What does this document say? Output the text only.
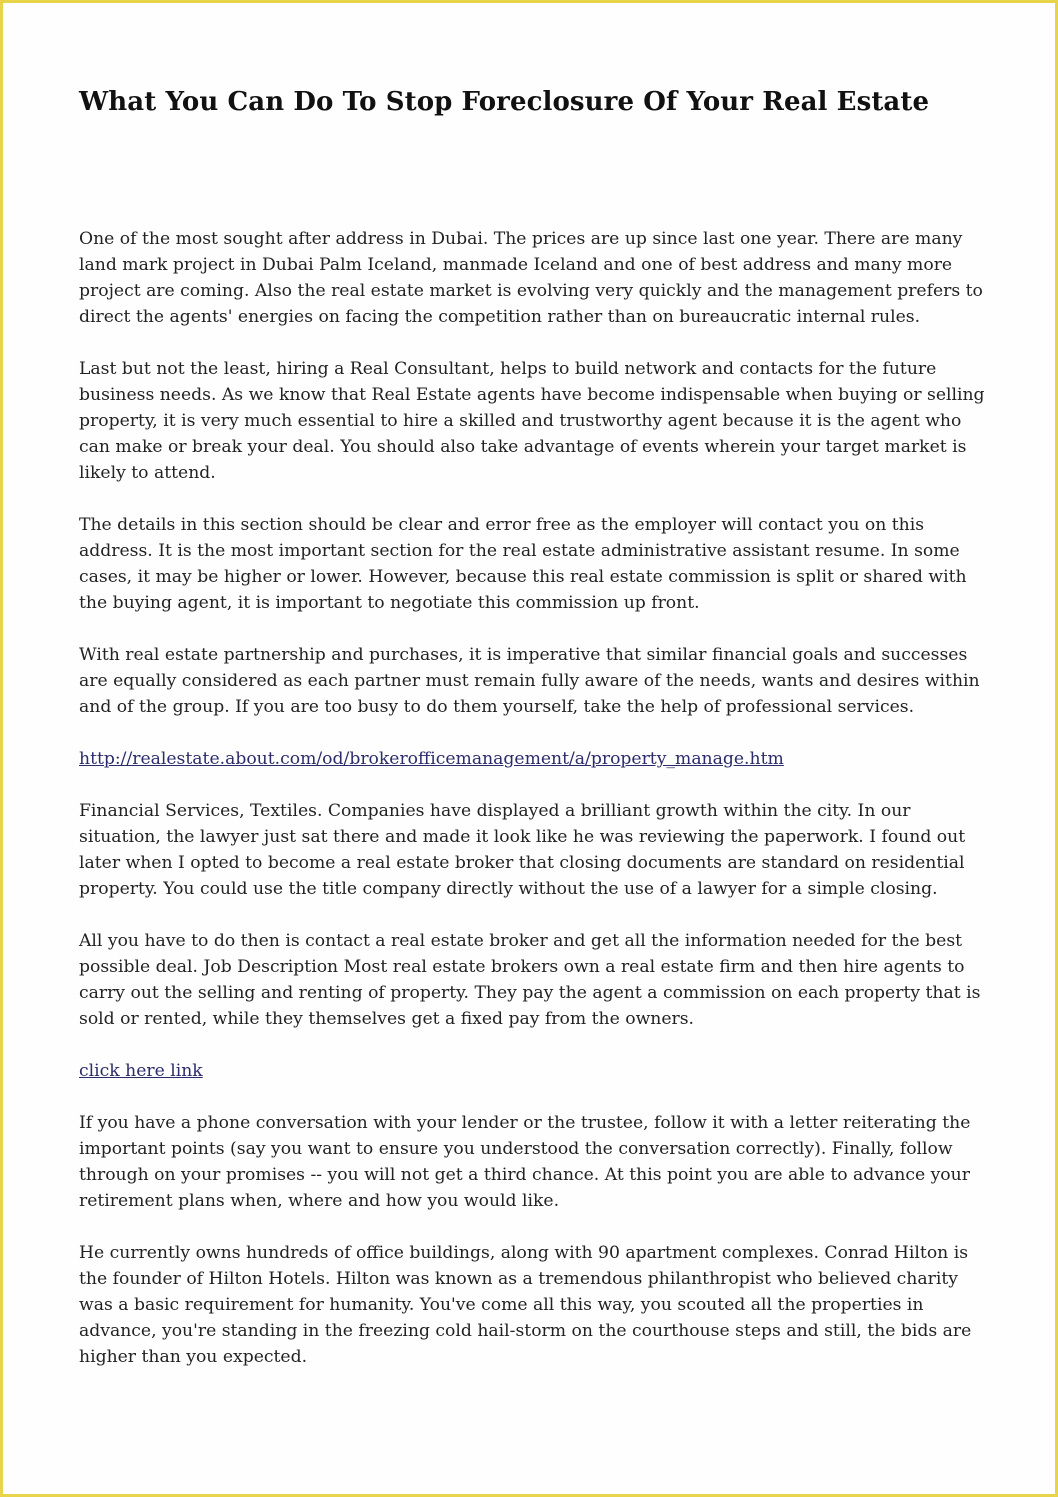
What You Can Do To Stop Foreclosure Of Your Real Estate

One of the most sought after address in Dubai. The prices are up since last one year. There are many land mark project in Dubai Palm Iceland, manmade Iceland and one of best address and many more project are coming. Also the real estate market is evolving very quickly and the management prefers to direct the agents' energies on facing the competition rather than on bureaucratic internal rules.

Last but not the least, hiring a Real Consultant, helps to build network and contacts for the future business needs. As we know that Real Estate agents have become indispensable when buying or selling property, it is very much essential to hire a skilled and trustworthy agent because it is the agent who can make or break your deal. You should also take advantage of events wherein your target market is likely to attend.

The details in this section should be clear and error free as the employer will contact you on this address. It is the most important section for the real estate administrative assistant resume. In some cases, it may be higher or lower. However, because this real estate commission is split or shared with the buying agent, it is important to negotiate this commission up front.

With real estate partnership and purchases, it is imperative that similar financial goals and successes are equally considered as each partner must remain fully aware of the needs, wants and desires within and of the group. If you are too busy to do them yourself, take the help of professional services.

http://realestate.about.com/od/brokerofficemanagement/a/property_manage.htm

Financial Services, Textiles. Companies have displayed a brilliant growth within the city. In our situation, the lawyer just sat there and made it look like he was reviewing the paperwork. I found out later when I opted to become a real estate broker that closing documents are standard on residential property. You could use the title company directly without the use of a lawyer for a simple closing.

All you have to do then is contact a real estate broker and get all the information needed for the best possible deal. Job Description Most real estate brokers own a real estate firm and then hire agents to carry out the selling and renting of property. They pay the agent a commission on each property that is sold or rented, while they themselves get a fixed pay from the owners.

click here link

If you have a phone conversation with your lender or the trustee, follow it with a letter reiterating the important points (say you want to ensure you understood the conversation correctly). Finally, follow through on your promises -- you will not get a third chance. At this point you are able to advance your retirement plans when, where and how you would like.

He currently owns hundreds of office buildings, along with 90 apartment complexes. Conrad Hilton is the founder of Hilton Hotels. Hilton was known as a tremendous philanthropist who believed charity was a basic requirement for humanity. You've come all this way, you scouted all the properties in advance, you're standing in the freezing cold hail-storm on the courthouse steps and still, the bids are higher than you expected.
